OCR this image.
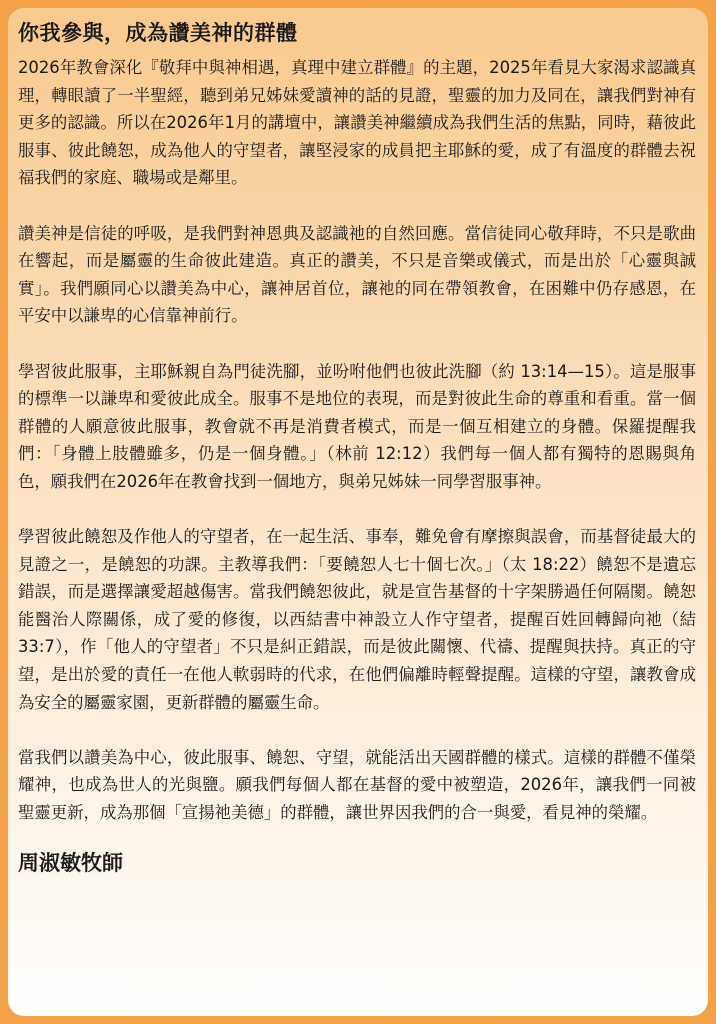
你我參與，成為讚美神的群體
2026年教會深化『敬拜中與神相遇，真理中建立群體』的主題，2025年看見大家渴求認識真理，轉眼讀了一半聖經，聽到弟兄姊妹愛讀神的話的見證，聖靈的加力及同在，讓我們對神有更多的認識。所以在2026年1月的講壇中，讓讚美神繼續成為我們生活的焦點，同時，藉彼此服事、彼此饒恕，成為他人的守望者，讓堅浸家的成員把主耶穌的愛，成了有溫度的群體去祝福我們的家庭、職場或是鄰里。
讚美神是信徒的呼吸，是我們對神恩典及認識祂的自然回應。當信徒同心敬拜時，不只是歌曲在響起，而是屬靈的生命彼此建造。真正的讚美，不只是音樂或儀式，而是出於「心靈與誠實」。我們願同心以讚美為中心，讓神居首位，讓祂的同在帶領教會，在困難中仍存感恩，在平安中以謙卑的心信靠神前行。
學習彼此服事，主耶穌親自為門徒洗腳，並吩咐他們也彼此洗腳（約 13:14—15）。這是服事的標準一以謙卑和愛彼此成全。服事不是地位的表現，而是對彼此生命的尊重和看重。當一個群體的人願意彼此服事，教會就不再是消費者模式，而是一個互相建立的身體。保羅提醒我們：「身體上肢體雖多，仍是一個身體。」（林前 12:12）我們每一個人都有獨特的恩賜與角色，願我們在2026年在教會找到一個地方，與弟兄姊妹一同學習服事神。
學習彼此饒恕及作他人的守望者，在一起生活、事奉，難免會有摩擦與誤會，而基督徒最大的見證之一，是饒恕的功課。主教導我們：「要饒恕人七十個七次。」（太 18:22）饒恕不是遺忘錯誤，而是選擇讓愛超越傷害。當我們饒恕彼此，就是宣告基督的十字架勝過任何隔閡。饒恕能醫治人際關係，成了愛的修復，以西結書中神設立人作守望者，提醒百姓回轉歸向祂（結 33:7），作「他人的守望者」不只是糾正錯誤，而是彼此關懷、代禱、提醒與扶持。真正的守望，是出於愛的責任一在他人軟弱時的代求，在他們偏離時輕聲提醒。這樣的守望，讓教會成為安全的屬靈家園，更新群體的屬靈生命。
當我們以讚美為中心，彼此服事、饒恕、守望，就能活出天國群體的樣式。這樣的群體不僅榮耀神，也成為世人的光與鹽。願我們每個人都在基督的愛中被塑造，2026年，讓我們一同被聖靈更新，成為那個「宣揚祂美德」的群體，讓世界因我們的合一與愛，看見神的榮耀。
周淑敏牧師
